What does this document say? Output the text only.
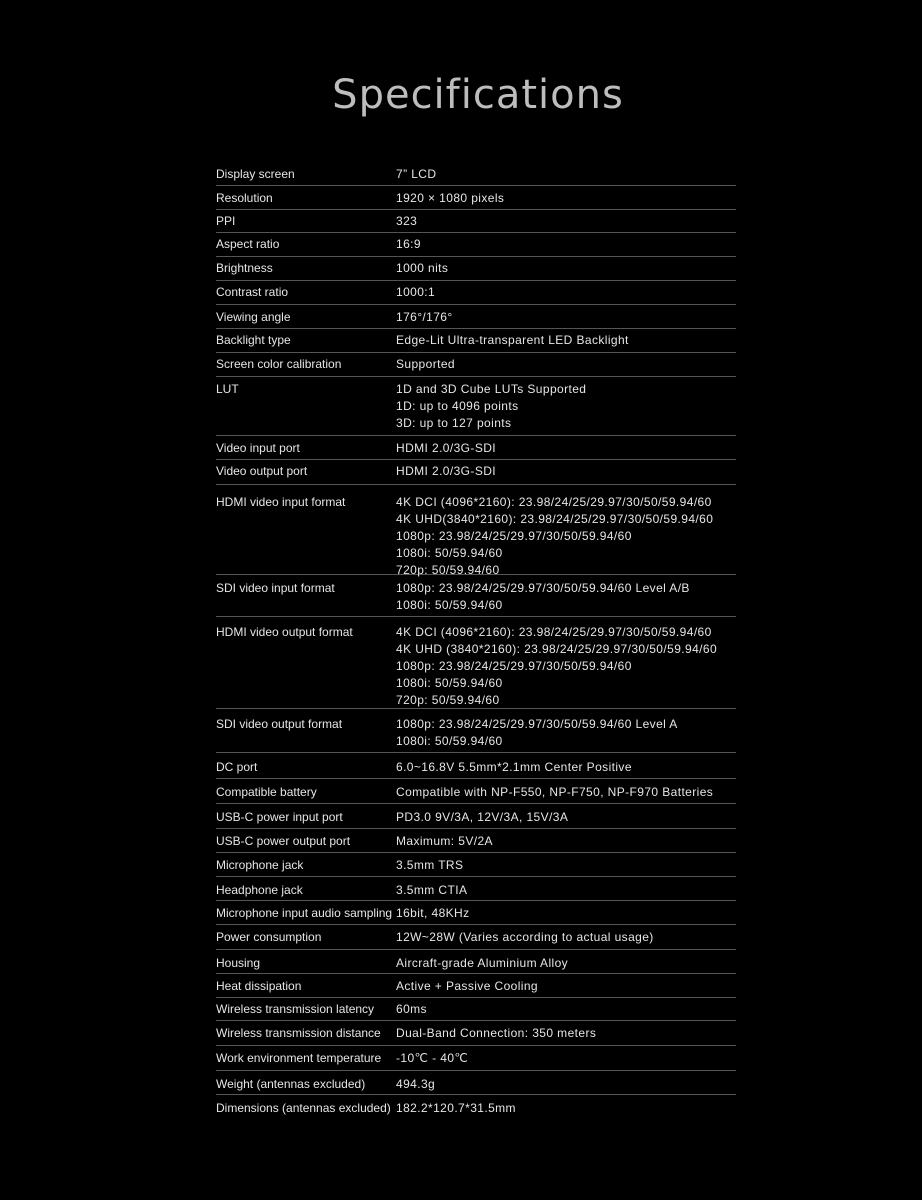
Specifications
Display screen	7” LCD
Resolution	1920 × 1080 pixels
PPI	323
Aspect ratio	16:9
Brightness	1000 nits
Contrast ratio	1000:1
Viewing angle	176°/176°
Backlight type	Edge-Lit Ultra-transparent LED Backlight
Screen color calibration	Supported
LUT	1D and 3D Cube LUTs Supported
1D: up to 4096 points
3D: up to 127 points
Video input port	HDMI 2.0/3G-SDI
Video output port	HDMI 2.0/3G-SDI
HDMI video input format	4K DCI (4096*2160): 23.98/24/25/29.97/30/50/59.94/60
4K UHD(3840*2160): 23.98/24/25/29.97/30/50/59.94/60
1080p: 23.98/24/25/29.97/30/50/59.94/60
1080i: 50/59.94/60
720p: 50/59.94/60
SDI video input format	1080p: 23.98/24/25/29.97/30/50/59.94/60 Level A/B
1080i: 50/59.94/60
HDMI video output format	4K DCI (4096*2160): 23.98/24/25/29.97/30/50/59.94/60
4K UHD (3840*2160): 23.98/24/25/29.97/30/50/59.94/60
1080p: 23.98/24/25/29.97/30/50/59.94/60
1080i: 50/59.94/60
720p: 50/59.94/60
SDI video output format	1080p: 23.98/24/25/29.97/30/50/59.94/60 Level A
1080i: 50/59.94/60
DC port	6.0~16.8V 5.5mm*2.1mm Center Positive
Compatible battery	Compatible with NP-F550, NP-F750, NP-F970 Batteries
USB-C power input port	PD3.0 9V/3A, 12V/3A, 15V/3A
USB-C power output port	Maximum: 5V/2A
Microphone jack	3.5mm TRS
Headphone jack	3.5mm CTIA
Microphone input audio sampling 16bit, 48KHz
Power consumption	12W~28W (Varies according to actual usage)
Housing	Aircraft-grade Aluminium Alloy
Heat dissipation	Active + Passive Cooling
Wireless transmission latency	60ms
Wireless transmission distance	Dual-Band Connection: 350 meters
Work environment temperature	-10℃ - 40℃
Weight (antennas excluded)	494.3g
Dimensions (antennas excluded) 182.2*120.7*31.5mm
